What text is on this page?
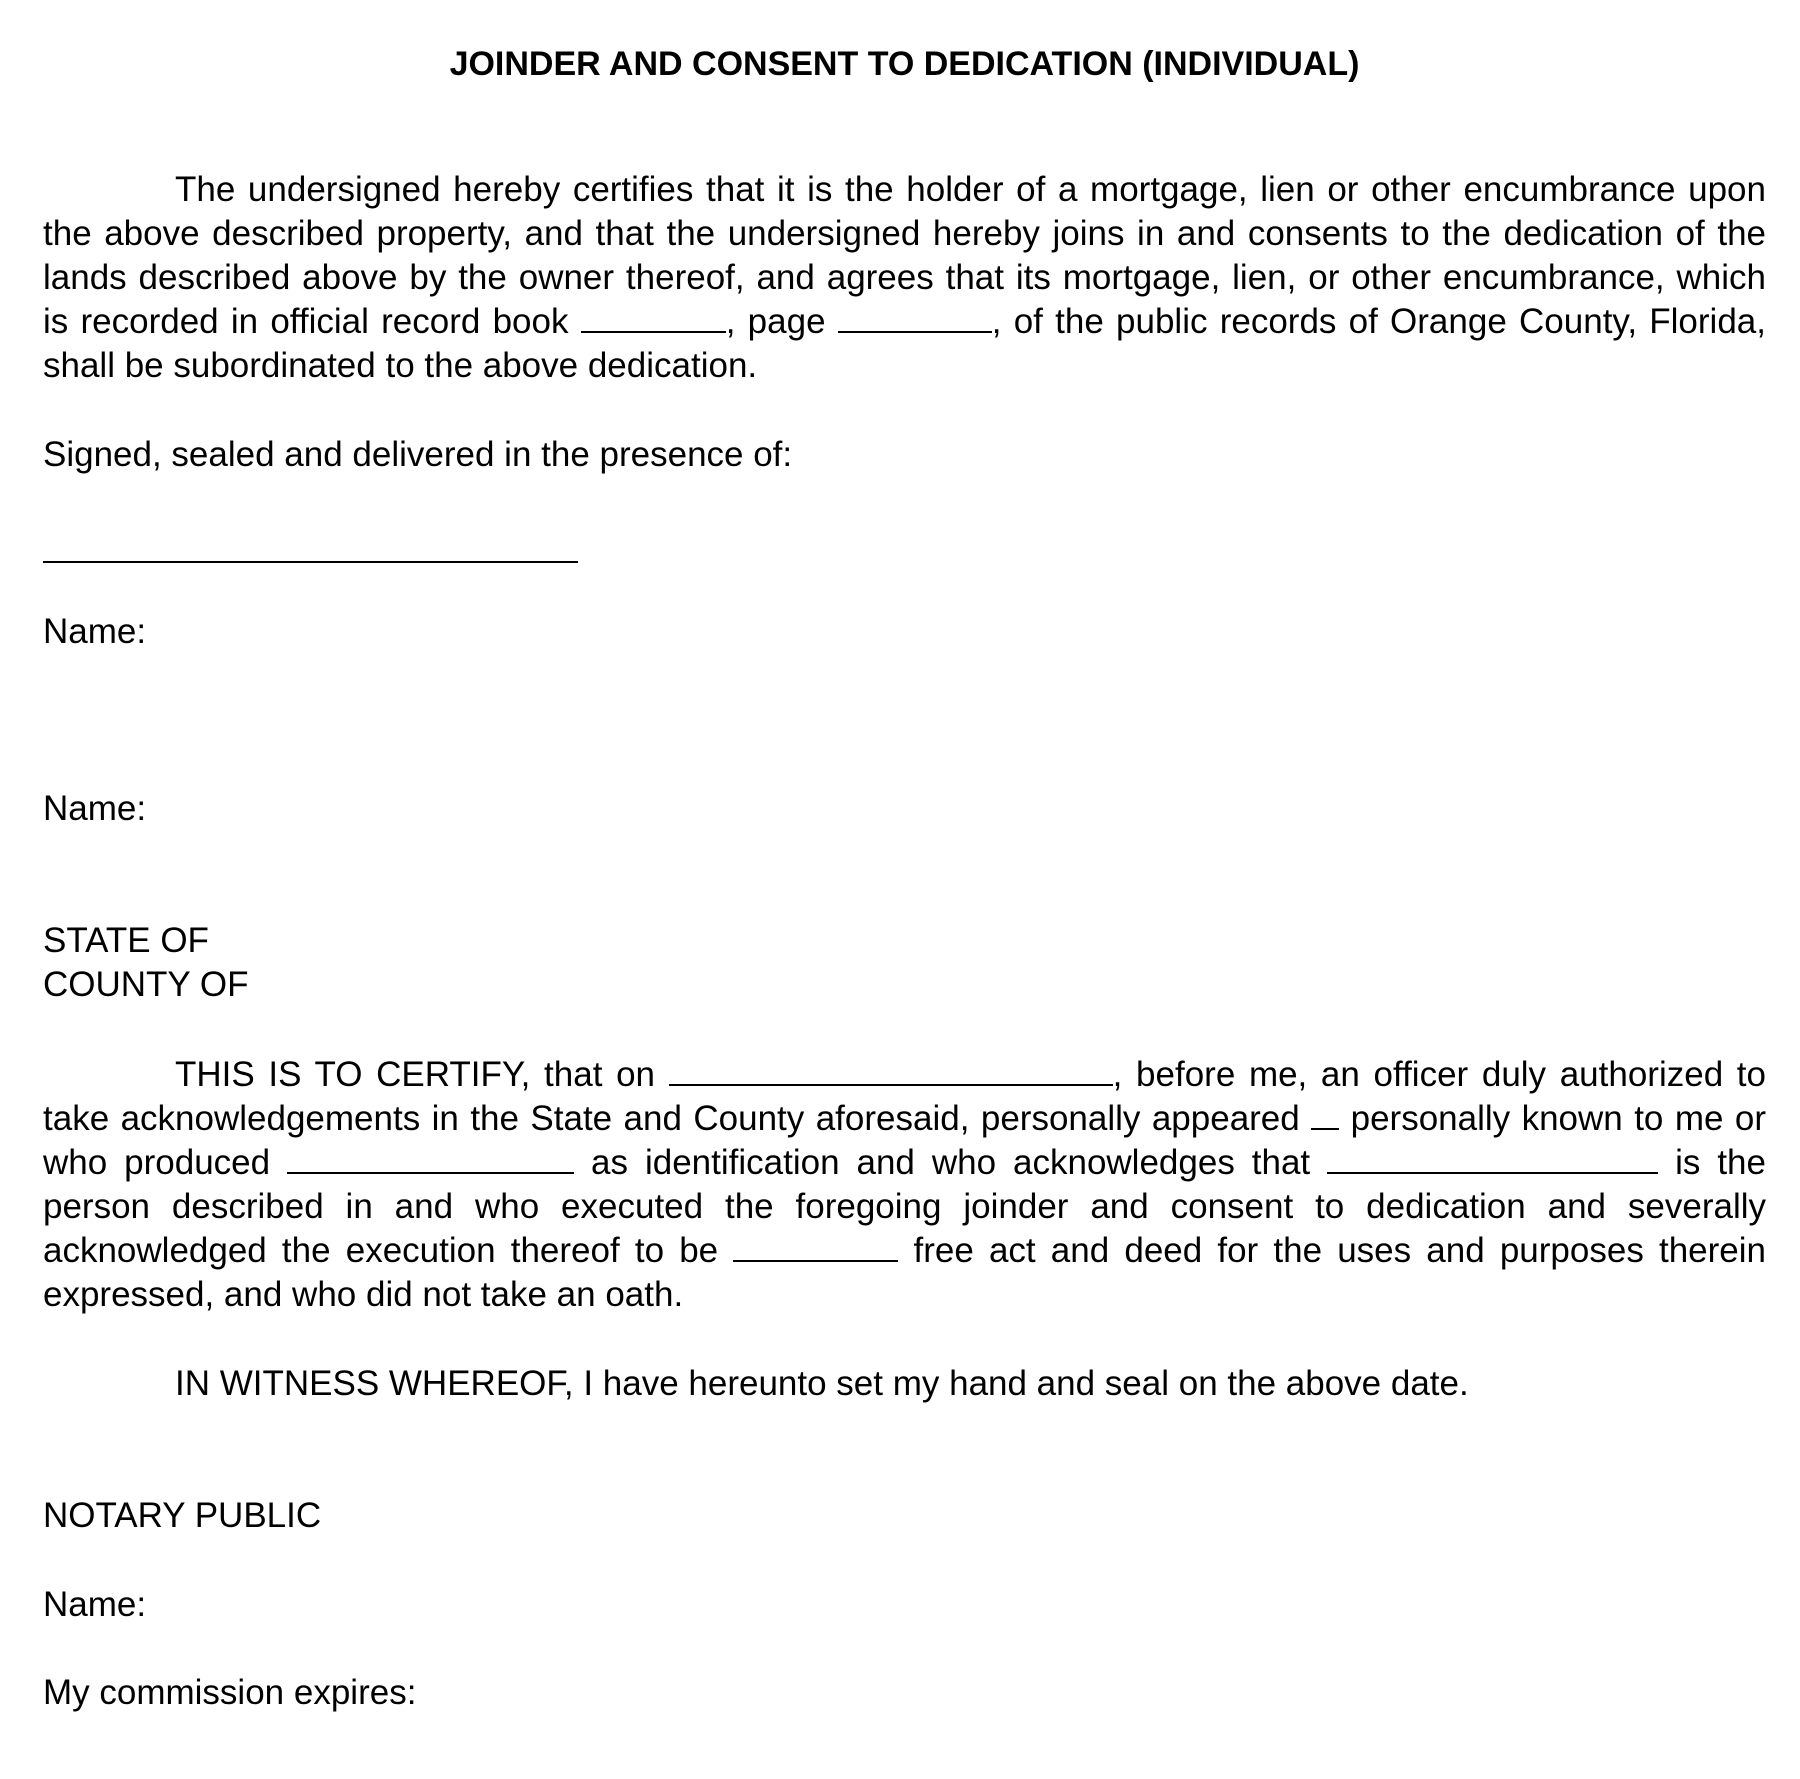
JOINDER AND CONSENT TO DEDICATION (INDIVIDUAL)

The undersigned hereby certifies that it is the holder of a mortgage, lien or other encumbrance upon the above described property, and that the undersigned hereby joins in and consents to the dedication of the lands described above by the owner thereof, and agrees that its mortgage, lien, or other encumbrance, which is recorded in official record book	, page	, of the public records of Orange County, Florida, shall be subordinated to the above dedication.

Signed, sealed and delivered in the presence of:
Name:
Name:
STATE OF
COUNTY OF

THIS IS TO CERTIFY, that on	, before me, an officer duly authorized to take acknowledgements in the State and County aforesaid, personally appeared  personally known to me or who produced	as identification and who acknowledges that	is the person described in and who executed the foregoing joinder and consent to dedication and severally acknowledged the execution thereof to be	free act and deed for the uses and purposes therein expressed, and who did not take an oath.

IN WITNESS WHEREOF, I have hereunto set my hand and seal on the above date.
NOTARY PUBLIC
Name:
My commission expires:
